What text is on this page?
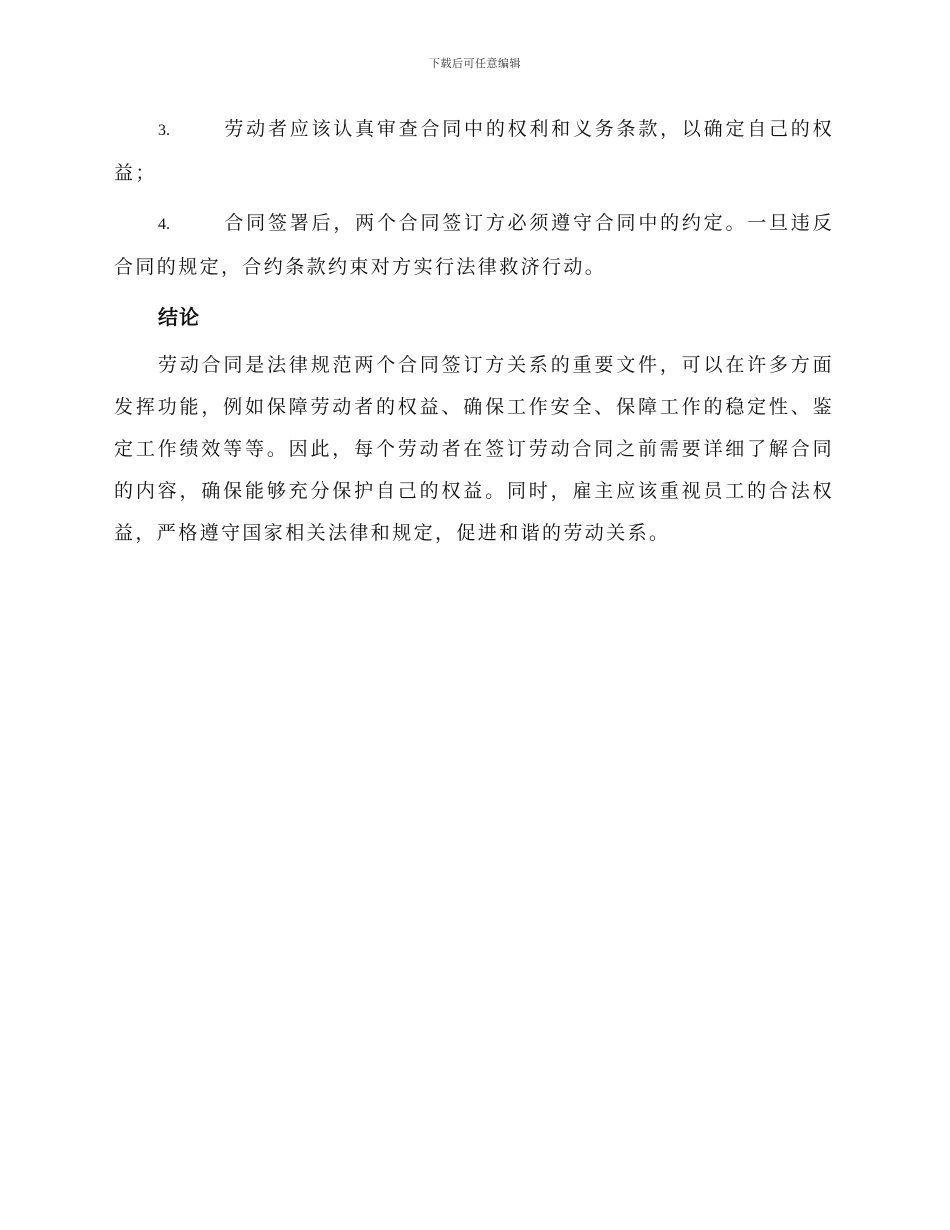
下载后可任意编辑

3.	劳动者应该认真审查合同中的权利和义务条款，以确定自己的权益；

4.	合同签署后，两个合同签订方必须遵守合同中的约定。一旦违反合同的规定，合约条款约束对方实行法律救济行动。

结论

劳动合同是法律规范两个合同签订方关系的重要文件，可以在许多方面发挥功能，例如保障劳动者的权益、确保工作安全、保障工作的稳定性、鉴定工作绩效等等。因此，每个劳动者在签订劳动合同之前需要详细了解合同的内容，确保能够充分保护自己的权益。同时，雇主应该重视员工的合法权益，严格遵守国家相关法律和规定，促进和谐的劳动关系。
